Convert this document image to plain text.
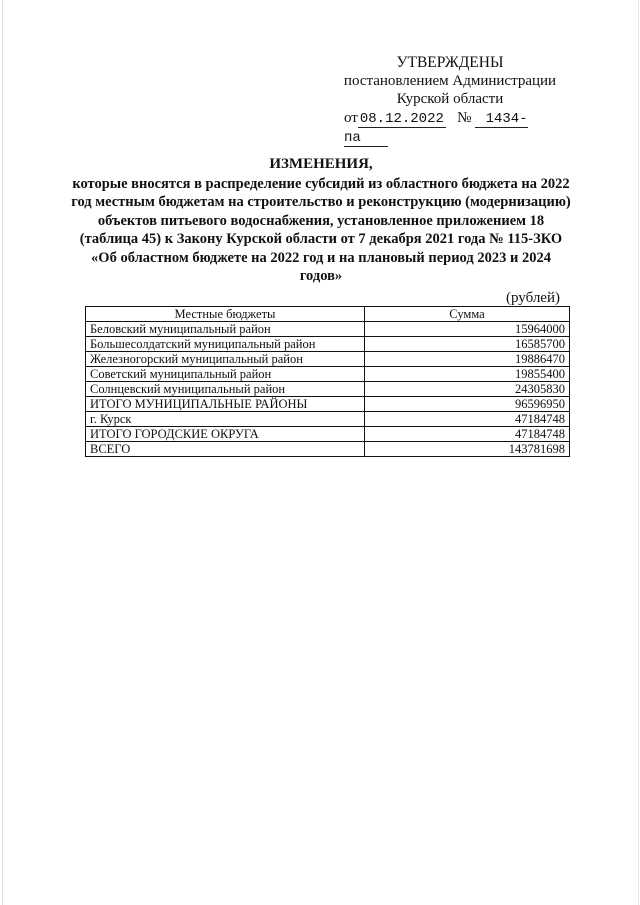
УТВЕРЖДЕНЫ
постановлением Администрации
Курской области
от 08.12.2022 № 1434-па
ИЗМЕНЕНИЯ,
которые вносятся в распределение субсидий из областного бюджета на 2022 год местным бюджетам на строительство и реконструкцию (модернизацию) объектов питьевого водоснабжения, установленное приложением 18 (таблица 45) к Закону Курской области от 7 декабря 2021 года № 115-ЗКО «Об областном бюджете на 2022 год и на плановый период 2023 и 2024 годов»
(рублей)
Местные бюджеты	Сумма
Беловский муниципальный район	15964000
Большесолдатский муниципальный район	16585700
Железногорский муниципальный район	19886470
Советский муниципальный район	19855400
Солнцевский муниципальный район	24305830
ИТОГО МУНИЦИПАЛЬНЫЕ РАЙОНЫ	96596950
г. Курск	47184748
ИТОГО ГОРОДСКИЕ ОКРУГА	47184748
ВСЕГО	143781698
